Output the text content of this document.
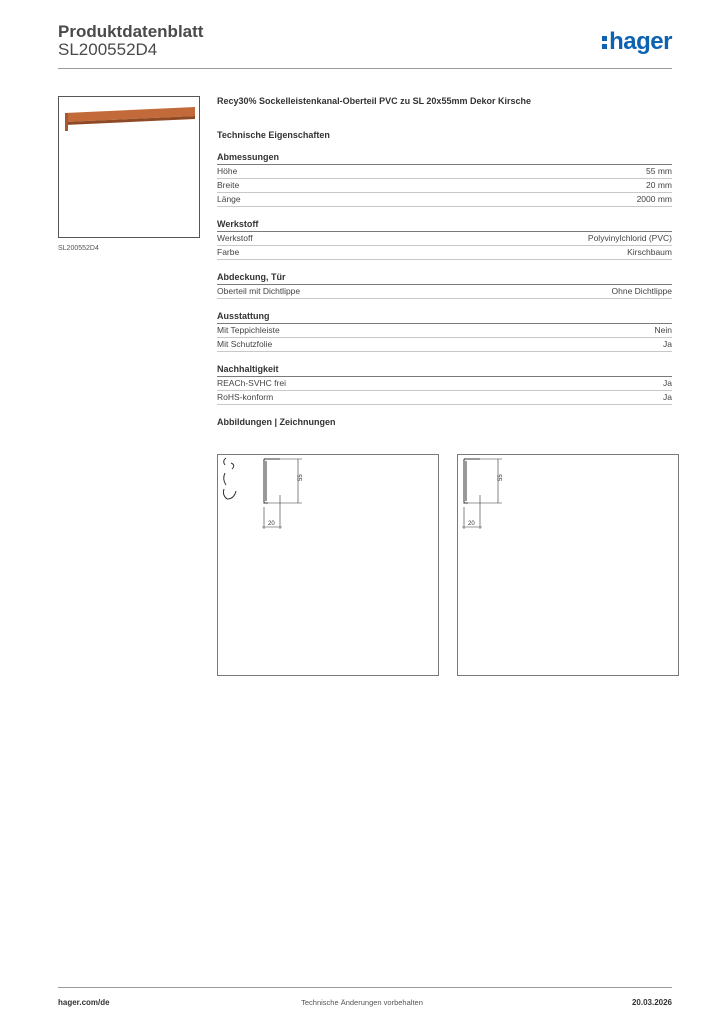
Produktdatenblatt
SL200552D4	hager
SL200552D4
Recy30% Sockelleistenkanal-Oberteil PVC zu SL 20x55mm Dekor Kirsche
Technische Eigenschaften
Abmessungen
Höhe	55 mm
Breite	20 mm
Länge	2000 mm
Werkstoff
Werkstoff	Polyvinylchlorid (PVC)
Farbe	Kirschbaum
Abdeckung, Tür
Oberteil mit Dichtlippe	Ohne Dichtlippe
Ausstattung
Mit Teppichleiste	Nein
Mit Schutzfolie	Ja
Nachhaltigkeit
REACh-SVHC frei	Ja
RoHS-konform	Ja
Abbildungen | Zeichnungen
55
20
55
20
hager.com/de	Technische Änderungen vorbehalten	20.03.2026
